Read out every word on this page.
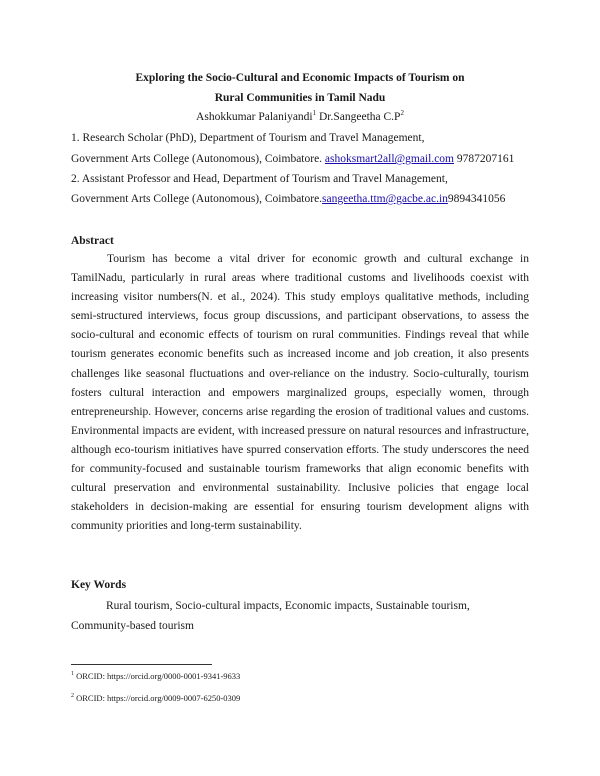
Exploring the Socio-Cultural and Economic Impacts of Tourism on
Rural Communities in Tamil Nadu
Ashokkumar Palaniyandi$^1$ Dr.Sangeetha $C.P^2$
1. Research Scholar (PhD), Department of Tourism and Travel Management,
Government Arts College (Autonomous), Coimbatore. ashoksmart2all@gmail.com 9787207161
2. Assistant Professor and Head, Department of Tourism and Travel Management,
Government Arts College (Autonomous), Coimbatore.sangeetha.ttm@gacbe.ac.in9894341056
Abstract
Tourism has become a vital driver for economic growth and cultural exchange in TamilNadu, particularly in rural areas where traditional customs and livelihoods coexist with increasing visitor numbers(N. et al., 2024). This study employs qualitative methods, including semi-structured interviews, focus group discussions, and participant observations, to assess the socio-cultural and economic effects of tourism on rural communities. Findings reveal that while tourism generates economic benefits such as increased income and job creation, it also presents challenges like seasonal fluctuations and over-reliance on the industry. Socio-culturally, tourism fosters cultural interaction and empowers marginalized groups, especially women, through entrepreneurship. However, concerns arise regarding the erosion of traditional values and customs. Environmental impacts are evident, with increased pressure on natural resources and infrastructure, although eco-tourism initiatives have spurred conservation efforts. The study underscores the need for community-focused and sustainable tourism frameworks that align economic benefits with cultural preservation and environmental sustainability. Inclusive policies that engage local stakeholders in decision-making are essential for ensuring tourism development aligns with community priorities and long-term sustainability.
Key Words
Rural tourism, Socio-cultural impacts, Economic impacts, Sustainable tourism,
Community-based tourism
$^1$ ORCID: https://orcid.org/0000-0001-9341-9633
$^2$ ORCID: https://orcid.org/0009-0007-6250-0309
